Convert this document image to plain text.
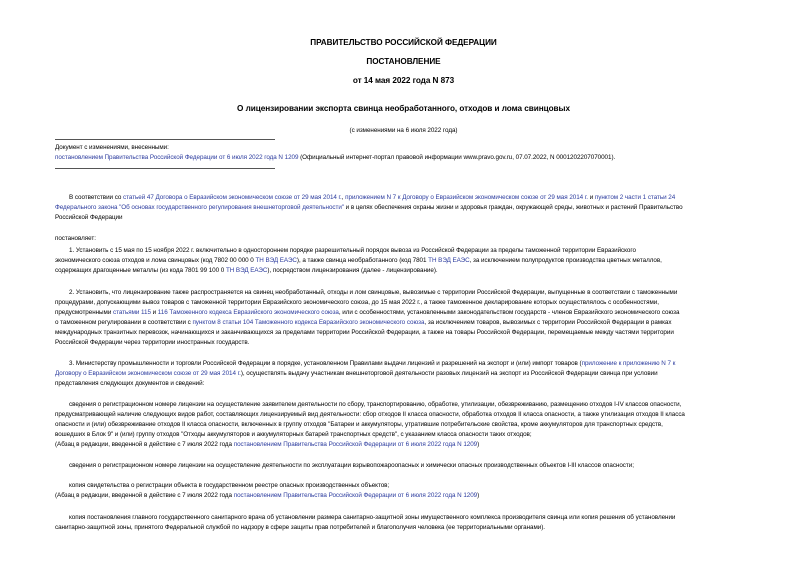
ПРАВИТЕЛЬСТВО РОССИЙСКОЙ ФЕДЕРАЦИИ
ПОСТАНОВЛЕНИЕ
от 14 мая 2022 года N 873
О лицензировании экспорта свинца необработанного, отходов и лома свинцовых
(с изменениями на 6 июля 2022 года)
Документ с изменениями, внесенными:
постановлением Правительства Российской Федерации от 6 июля 2022 года N 1209 (Официальный интернет-портал правовой информации www.pravo.gov.ru, 07.07.2022, N 0001202207070001).
В соответствии со статьей 47 Договора о Евразийском экономическом союзе от 29 мая 2014 г., приложением N 7 к Договору о Евразийском экономическом союзе от 29 мая 2014 г. и пунктом 2 части 1 статьи 24
Федерального закона "Об основах государственного регулирования внешнеторговой деятельности" и в целях обеспечения охраны жизни и здоровья граждан, окружающей среды, животных и растений Правительство
Российской Федерации
постановляет:
1. Установить с 15 мая по 15 ноября 2022 г. включительно в одностороннем порядке разрешительный порядок вывоза из Российской Федерации за пределы таможенной территории Евразийского
экономического союза отходов и лома свинцовых (код 7802 00 000 0 ТН ВЭД ЕАЭС), а также свинца необработанного (код 7801 ТН ВЭД ЕАЭС, за исключением полупродуктов производства цветных металлов,
содержащих драгоценные металлы (из кода 7801 99 100 0 ТН ВЭД ЕАЭС), посредством лицензирования (далее - лицензирование).
2. Установить, что лицензирование также распространяется на свинец необработанный, отходы и лом свинцовые, вывозимые с территории Российской Федерации, выпущенные в соответствии с таможенными
процедурами, допускающими вывоз товаров с таможенной территории Евразийского экономического союза, до 15 мая 2022 г., а также таможенное декларирование которых осуществлялось с особенностями,
предусмотренными статьями 115 и 116 Таможенного кодекса Евразийского экономического союза, или с особенностями, установленными законодательством государств - членов Евразийского экономического союза
о таможенном регулировании в соответствии с пунктом 8 статьи 104 Таможенного кодекса Евразийского экономического союза, за исключением товаров, вывозимых с территории Российской Федерации в рамках
международных транзитных перевозок, начинающихся и заканчивающихся за пределами территории Российской Федерации, а также на товары Российской Федерации, перемещаемые между частями территории
Российской Федерации через территории иностранных государств.
3. Министерству промышленности и торговли Российской Федерации в порядке, установленном Правилами выдачи лицензий и разрешений на экспорт и (или) импорт товаров (приложение к приложению N 7 к
Договору о Евразийском экономическом союзе от 29 мая 2014 г.), осуществлять выдачу участникам внешнеторговой деятельности разовых лицензий на экспорт из Российской Федерации свинца при условии
представления следующих документов и сведений:
сведения о регистрационном номере лицензии на осуществление заявителем деятельности по сбору, транспортированию, обработке, утилизации, обезвреживанию, размещению отходов I-IV классов опасности,
предусматривающей наличие следующих видов работ, составляющих лицензируемый вид деятельности: сбор отходов II класса опасности, обработка отходов II класса опасности, а также утилизация отходов II класса
опасности и (или) обезвреживание отходов II класса опасности, включенных в группу отходов "Батареи и аккумуляторы, утратившие потребительские свойства, кроме аккумуляторов для транспортных средств,
вошедших в Блок 9" и (или) группу отходов "Отходы аккумуляторов и аккумуляторных батарей транспортных средств", с указанием класса опасности таких отходов;
(Абзац в редакции, введенной в действие с 7 июля 2022 года постановлением Правительства Российской Федерации от 6 июля 2022 года N 1209)
сведения о регистрационном номере лицензии на осуществление деятельности по эксплуатации взрывопожароопасных и химически опасных производственных объектов I-III классов опасности;
копия свидетельства о регистрации объекта в государственном реестре опасных производственных объектов;
(Абзац в редакции, введенной в действие с 7 июля 2022 года постановлением Правительства Российской Федерации от 6 июля 2022 года N 1209)
копия постановления главного государственного санитарного врача об установлении размера санитарно-защитной зоны имущественного комплекса производителя свинца или копия решения об установлении
санитарно-защитной зоны, принятого Федеральной службой по надзору в сфере защиты прав потребителей и благополучия человека (ее территориальными органами).
